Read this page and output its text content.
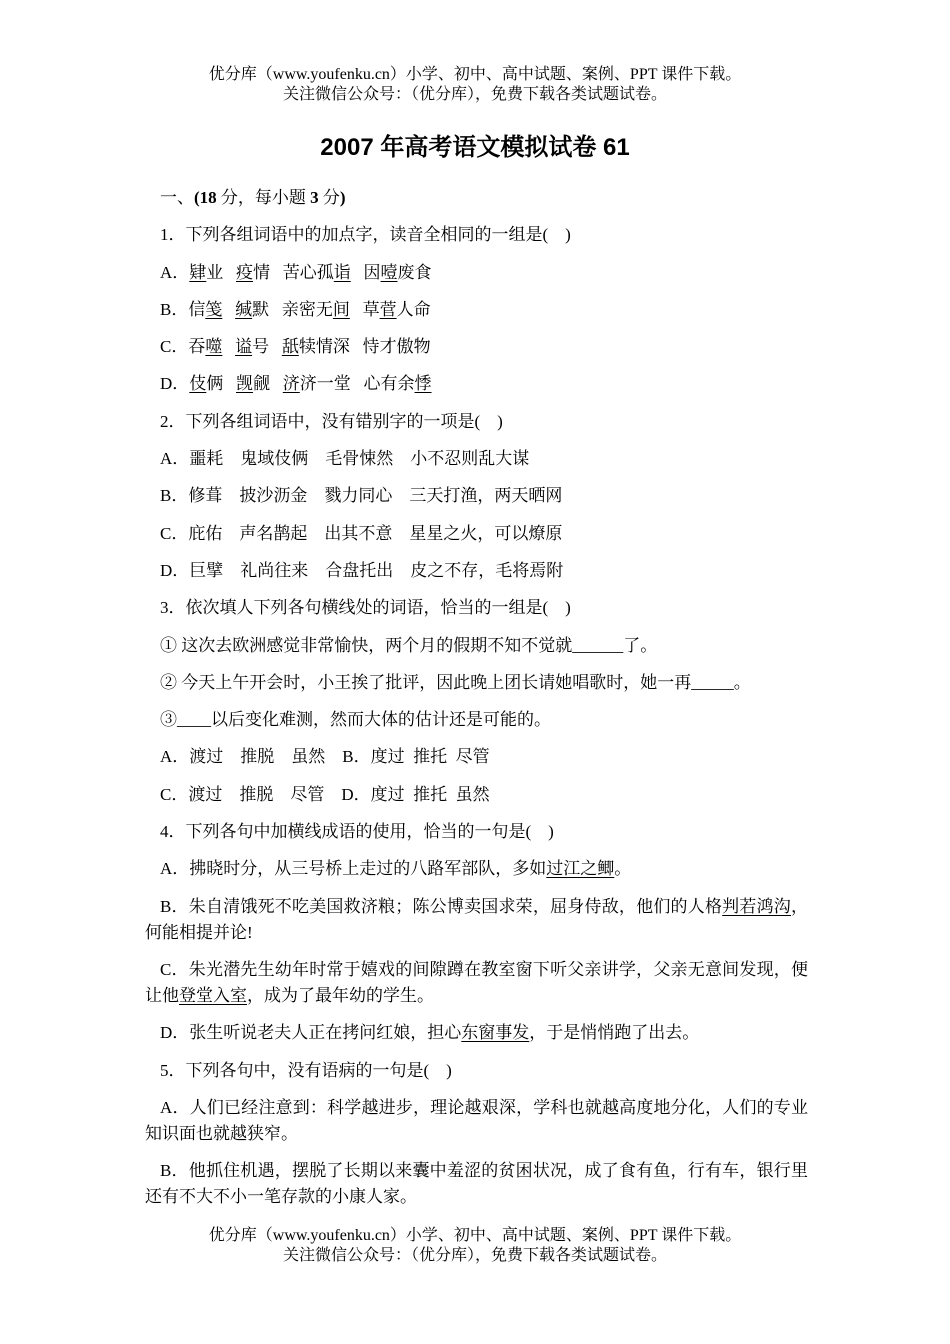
优分库（www.youfenku.cn）小学、初中、高中试题、案例、PPT 课件下载。
关注微信公众号：（优分库），免费下载各类试题试卷。
2007 年高考语文模拟试卷 61

一、(18 分，每小题 3 分)

1．下列各组词语中的加点字，读音全相同的一组是(　)

A．肄业   疫情   苦心孤诣   因噎废食

B．信笺 缄默   亲密无间   草菅人命

C．吞噬 谥号   舐犊情深   恃才傲物

D．伎俩   觊觎   济济一堂   心有余悸

2．下列各组词语中，没有错别字的一项是(　)

A．噩耗　鬼域伎俩　毛骨悚然　小不忍则乱大谋

B．修葺　披沙沥金　戮力同心　三天打渔，两天晒网

C．庇佑　声名鹊起　出其不意　星星之火，可以燎原

D．巨擘　礼尚往来　合盘托出　皮之不存，毛将焉附

3．依次填人下列各句横线处的词语，恰当的一组是(　)

① 这次去欧洲感觉非常愉快，两个月的假期不知不觉就______了。

② 今天上午开会时，小王挨了批评，因此晚上团长请她唱歌时，她一再_____。

③____以后变化难测，然而大体的估计还是可能的。

A．渡过　推脱　虽然 B．度过  推托  尽管

C．渡过　推脱　尽管 D．度过  推托  虽然

4．下列各句中加横线成语的使用，恰当的一句是(　)

A．拂晓时分，从三号桥上走过的八路军部队，多如过江之鲫。

B．朱自清饿死不吃美国救济粮；陈公博卖国求荣，屈身侍敌，他们的人格判若鸿沟，何能相提并论!

C．朱光潜先生幼年时常于嬉戏的间隙蹲在教室窗下听父亲讲学，父亲无意间发现，便让他登堂入室，成为了最年幼的学生。

D．张生听说老夫人正在拷问红娘，担心东窗事发，于是悄悄跑了出去。

5．下列各句中，没有语病的一句是(　)

A．人们已经注意到：科学越进步，理论越艰深，学科也就越高度地分化，人们的专业知识面也就越狭窄。

B．他抓住机遇，摆脱了长期以来囊中羞涩的贫困状况，成了食有鱼，行有车，银行里还有不大不小一笔存款的小康人家。

优分库（www.youfenku.cn）小学、初中、高中试题、案例、PPT 课件下载。
关注微信公众号：（优分库），免费下载各类试题试卷。
